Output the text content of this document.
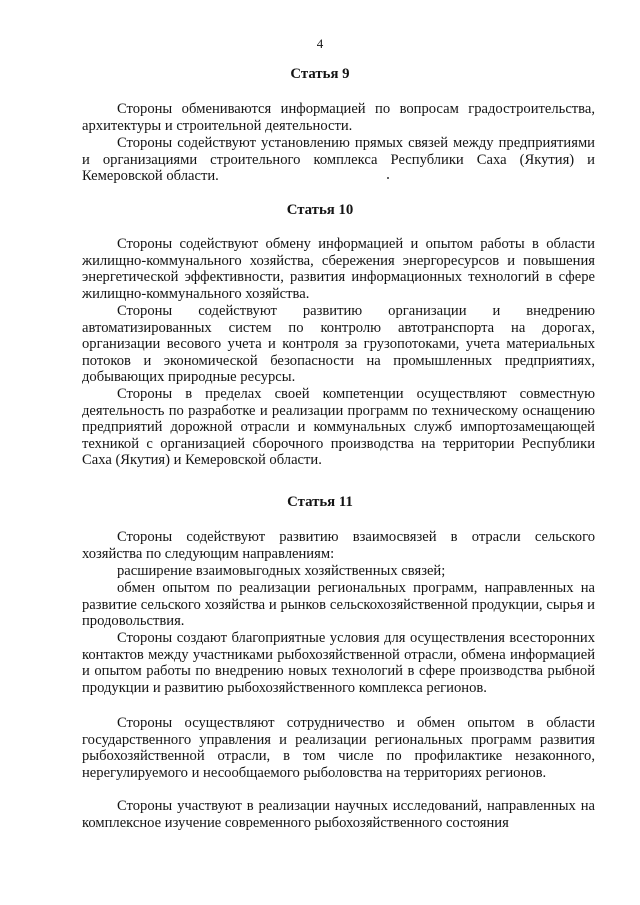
4
Статья 9

Стороны обмениваются информацией по вопросам градостроительства, архитектуры и строительной деятельности.

Стороны содействуют установлению прямых связей между предприятиями и организациями строительного комплекса Республики Саха (Якутия) и Кемеровской области.

Статья 10

Стороны содействуют обмену информацией и опытом работы в области жилищно-коммунального хозяйства, сбережения энергоресурсов и повышения энергетической эффективности, развития информационных технологий в сфере жилищно-коммунального хозяйства.

Стороны содействуют развитию организации и внедрению автоматизированных систем по контролю автотранспорта на дорогах, организации весового учета и контроля за грузопотоками, учета материальных потоков и экономической безопасности на промышленных предприятиях, добывающих природные ресурсы.

Стороны в пределах своей компетенции осуществляют совместную деятельность по разработке и реализации программ по техническому оснащению предприятий дорожной отрасли и коммунальных служб импортозамещающей техникой с организацией сборочного производства на территории Республики Саха (Якутия) и Кемеровской области.

Статья 11

Стороны содействуют развитию взаимосвязей в отрасли сельского хозяйства по следующим направлениям:

расширение взаимовыгодных хозяйственных связей;

обмен опытом по реализации региональных программ, направленных на развитие сельского хозяйства и рынков сельскохозяйственной продукции, сырья и продовольствия.

Стороны создают благоприятные условия для осуществления всесторонних контактов между участниками рыбохозяйственной отрасли, обмена информацией и опытом работы по внедрению новых технологий в сфере производства рыбной продукции и развитию рыбохозяйственного комплекса регионов.

Стороны осуществляют сотрудничество и обмен опытом в области государственного управления и реализации региональных программ развития рыбохозяйственной отрасли, в том числе по профилактике незаконного, нерегулируемого и несообщаемого рыболовства на территориях регионов.

Стороны участвуют в реализации научных исследований, направленных на комплексное изучение современного рыбохозяйственного состояния
